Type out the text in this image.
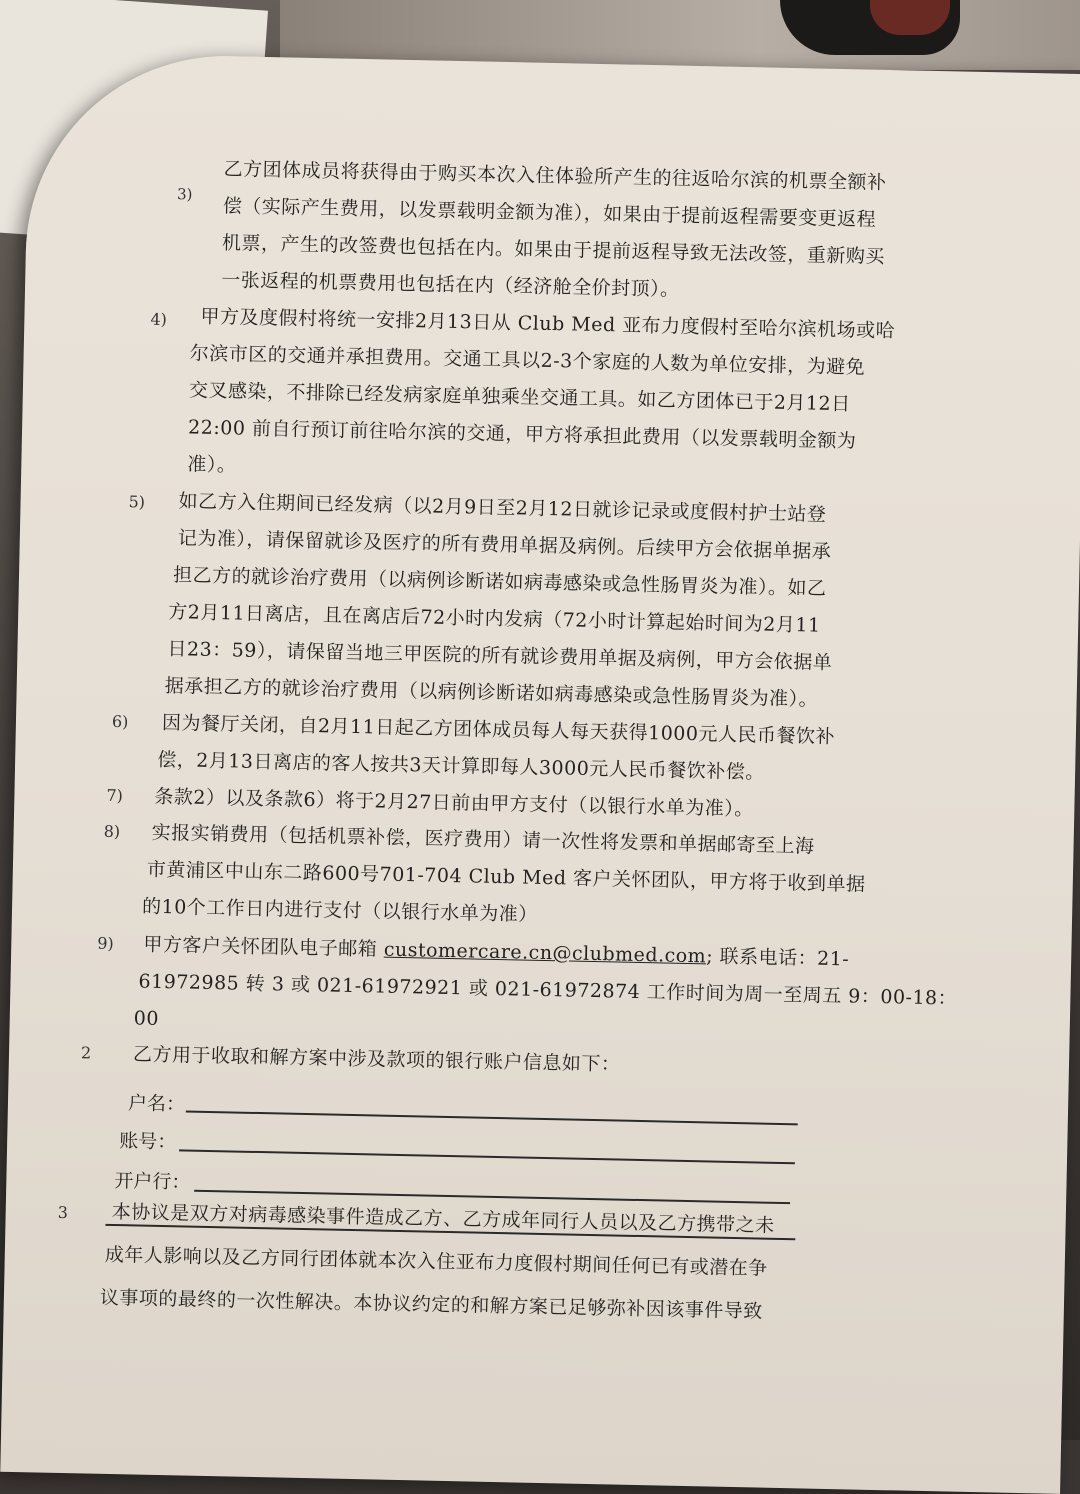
3)
乙方团体成员将获得由于购买本次入住体验所产生的往返哈尔滨的机票全额补
偿（实际产生费用，以发票载明金额为准），如果由于提前返程需要变更返程
机票，产生的改签费也包括在内。如果由于提前返程导致无法改签，重新购买
一张返程的机票费用也包括在内（经济舱全价封顶）。
4) 甲方及度假村将统一安排2月13日从 Club Med 亚布力度假村至哈尔滨机场或哈
尔滨市区的交通并承担费用。交通工具以2-3个家庭的人数为单位安排，为避免
交叉感染，不排除已经发病家庭单独乘坐交通工具。如乙方团体已于2月12日
22:00 前自行预订前往哈尔滨的交通，甲方将承担此费用（以发票载明金额为
准）。
5) 如乙方入住期间已经发病（以2月9日至2月12日就诊记录或度假村护士站登
记为准），请保留就诊及医疗的所有费用单据及病例。后续甲方会依据单据承
担乙方的就诊治疗费用（以病例诊断诺如病毒感染或急性肠胃炎为准）。如乙
方2月11日离店，且在离店后72小时内发病（72小时计算起始时间为2月11
日23：59），请保留当地三甲医院的所有就诊费用单据及病例，甲方会依据单
据承担乙方的就诊治疗费用（以病例诊断诺如病毒感染或急性肠胃炎为准）。
6) 因为餐厅关闭，自2月11日起乙方团体成员每人每天获得1000元人民币餐饮补
偿，2月13日离店的客人按共3天计算即每人3000元人民币餐饮补偿。
7) 条款2）以及条款6）将于2月27日前由甲方支付（以银行水单为准）。
8) 实报实销费用（包括机票补偿，医疗费用）请一次性将发票和单据邮寄至上海
市黄浦区中山东二路600号701-704 Club Med 客户关怀团队，甲方将于收到单据
的10个工作日内进行支付（以银行水单为准）
9) 甲方客户关怀团队电子邮箱 customercare.cn@clubmed.com; 联系电话：21-
61972985 转 3 或 021-61972921 或 021-61972874 工作时间为周一至周五 9：00-18：
00
2 乙方用于收取和解方案中涉及款项的银行账户信息如下：
户名：
账号：
开户行：
3 本协议是双方对病毒感染事件造成乙方、乙方成年同行人员以及乙方携带之未
成年人影响以及乙方同行团体就本次入住亚布力度假村期间任何已有或潜在争
议事项的最终的一次性解决。本协议约定的和解方案已足够弥补因该事件导致
